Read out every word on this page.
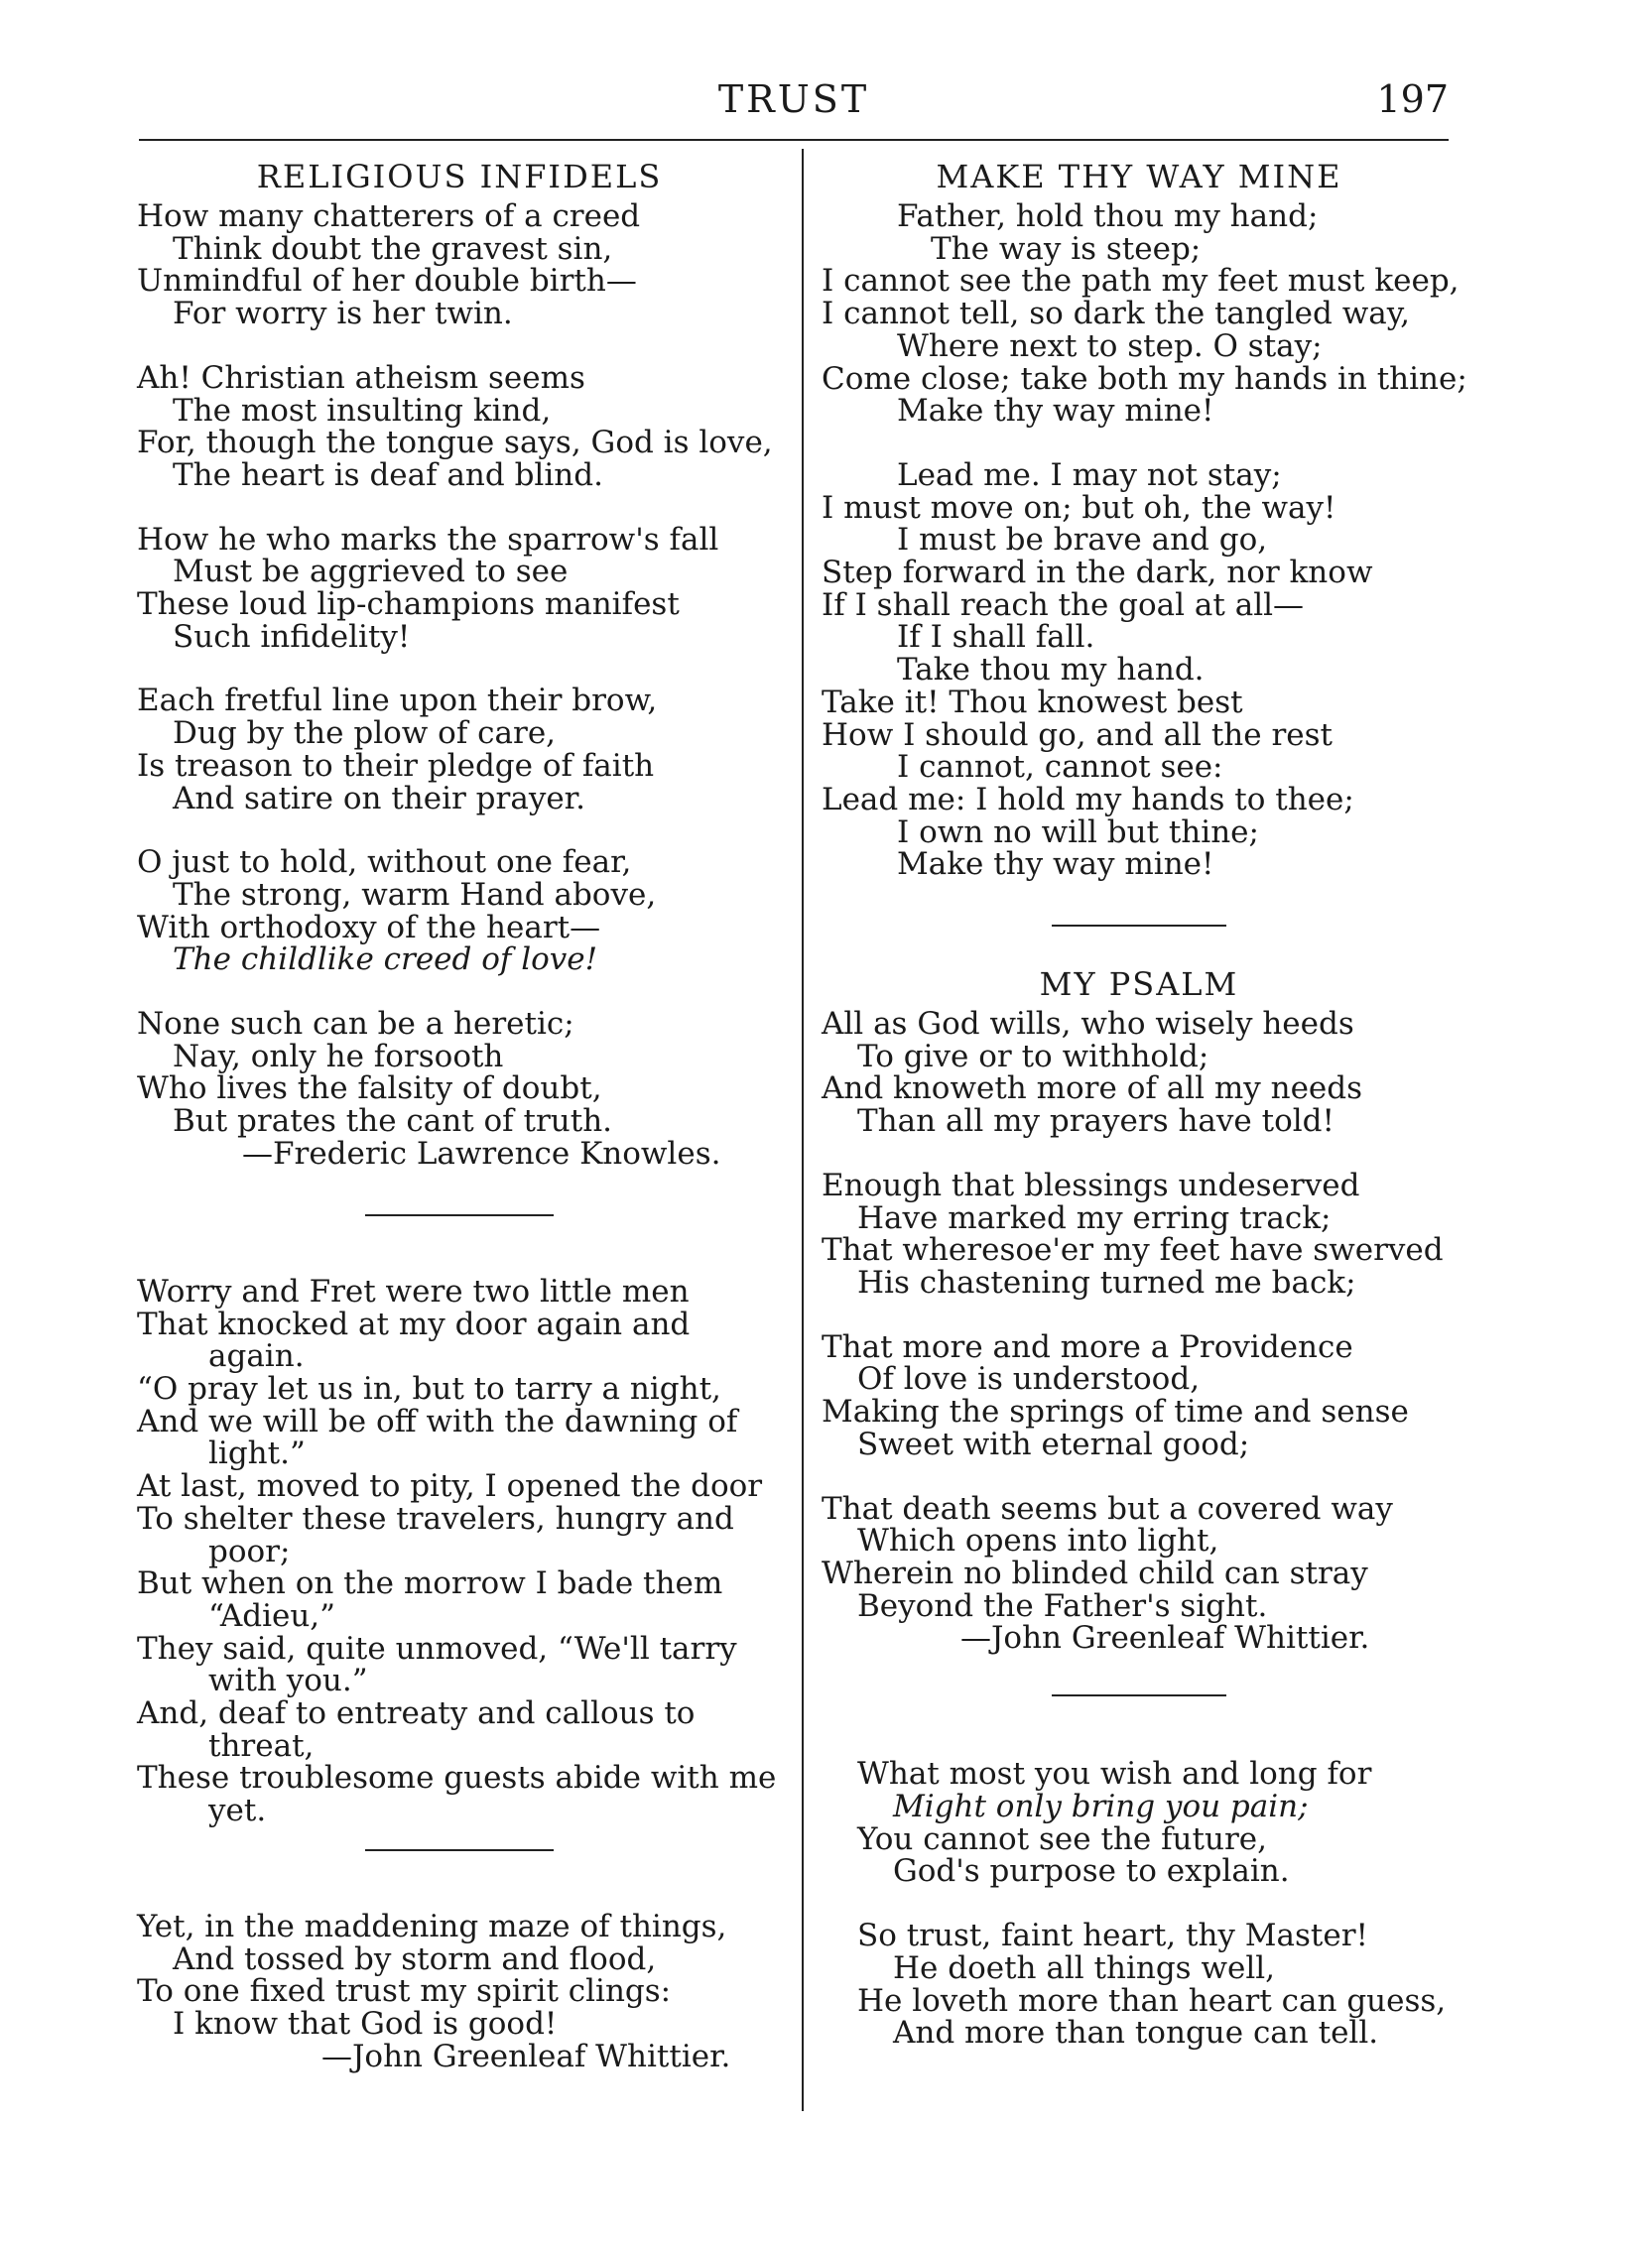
TRUST	197
RELIGIOUS INFIDELS
How many chatterers of a creed
Think doubt the gravest sin,
Unmindful of her double birth—
For worry is her twin.
Ah! Christian atheism seems
The most insulting kind,
For, though the tongue says, God is love,
The heart is deaf and blind.
How he who marks the sparrow's fall
Must be aggrieved to see
These loud lip-champions manifest
Such infidelity!
Each fretful line upon their brow,
Dug by the plow of care,
Is treason to their pledge of faith
And satire on their prayer.
O just to hold, without one fear,
The strong, warm Hand above,
With orthodoxy of the heart—
The childlike creed of love!
None such can be a heretic;
Nay, only he forsooth
Who lives the falsity of doubt,
But prates the cant of truth.
—Frederic Lawrence Knowles.
Worry and Fret were two little men
That knocked at my door again and
again.
“O pray let us in, but to tarry a night,
And we will be off with the dawning of
light.”
At last, moved to pity, I opened the door
To shelter these travelers, hungry and
poor;
But when on the morrow I bade them
“Adieu,”
They said, quite unmoved, “We'll tarry
with you.”
And, deaf to entreaty and callous to
threat,
These troublesome guests abide with me
yet.
Yet, in the maddening maze of things,
And tossed by storm and flood,
To one fixed trust my spirit clings:
I know that God is good!
—John Greenleaf Whittier.
MAKE THY WAY MINE
Father, hold thou my hand;
The way is steep;
I cannot see the path my feet must keep,
I cannot tell, so dark the tangled way,
Where next to step. O stay;
Come close; take both my hands in thine;
Make thy way mine!
Lead me. I may not stay;
I must move on; but oh, the way!
I must be brave and go,
Step forward in the dark, nor know
If I shall reach the goal at all—
If I shall fall.
Take thou my hand.
Take it! Thou knowest best
How I should go, and all the rest
I cannot, cannot see:
Lead me: I hold my hands to thee;
I own no will but thine;
Make thy way mine!
MY PSALM
All as God wills, who wisely heeds
To give or to withhold;
And knoweth more of all my needs
Than all my prayers have told!
Enough that blessings undeserved
Have marked my erring track;
That wheresoe'er my feet have swerved
His chastening turned me back;
That more and more a Providence
Of love is understood,
Making the springs of time and sense
Sweet with eternal good;
That death seems but a covered way
Which opens into light,
Wherein no blinded child can stray
Beyond the Father's sight.
—John Greenleaf Whittier.
What most you wish and long for
Might only bring you pain;
You cannot see the future,
God's purpose to explain.
So trust, faint heart, thy Master!
He doeth all things well,
He loveth more than heart can guess,
And more than tongue can tell.
